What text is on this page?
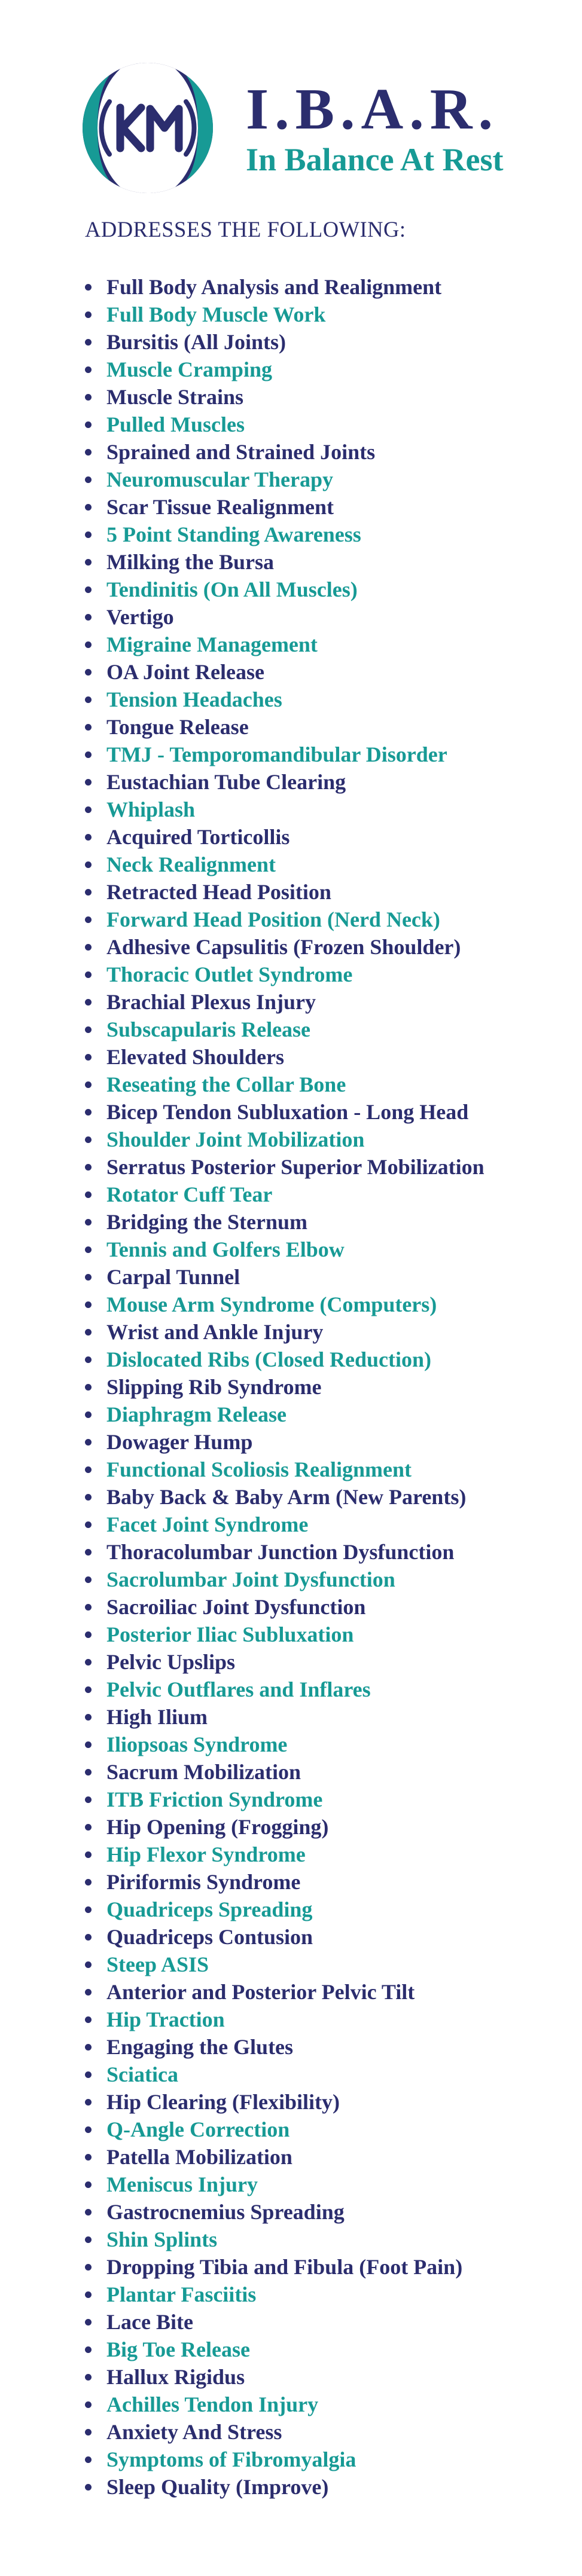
I.B.A.R.
In Balance At Rest
ADDRESSES THE FOLLOWING:
Full Body Analysis and Realignment
Full Body Muscle Work
Bursitis (All Joints)
Muscle Cramping
Muscle Strains
Pulled Muscles
Sprained and Strained Joints
Neuromuscular Therapy
Scar Tissue Realignment
5 Point Standing Awareness
Milking the Bursa
Tendinitis (On All Muscles)
Vertigo
Migraine Management
OA Joint Release
Tension Headaches
Tongue Release
TMJ - Temporomandibular Disorder
Eustachian Tube Clearing
Whiplash
Acquired Torticollis
Neck Realignment
Retracted Head Position
Forward Head Position (Nerd Neck)
Adhesive Capsulitis (Frozen Shoulder)
Thoracic Outlet Syndrome
Brachial Plexus Injury
Subscapularis Release
Elevated Shoulders
Reseating the Collar Bone
Bicep Tendon Subluxation - Long Head
Shoulder Joint Mobilization
Serratus Posterior Superior Mobilization
Rotator Cuff Tear
Bridging the Sternum
Tennis and Golfers Elbow
Carpal Tunnel
Mouse Arm Syndrome (Computers)
Wrist and Ankle Injury
Dislocated Ribs (Closed Reduction)
Slipping Rib Syndrome
Diaphragm Release
Dowager Hump
Functional Scoliosis Realignment
Baby Back & Baby Arm (New Parents)
Facet Joint Syndrome
Thoracolumbar Junction Dysfunction
Sacrolumbar Joint Dysfunction
Sacroiliac Joint Dysfunction
Posterior Iliac Subluxation
Pelvic Upslips
Pelvic Outflares and Inflares
High Ilium
Iliopsoas Syndrome
Sacrum Mobilization
ITB Friction Syndrome
Hip Opening (Frogging)
Hip Flexor Syndrome
Piriformis Syndrome
Quadriceps Spreading
Quadriceps Contusion
Steep ASIS
Anterior and Posterior Pelvic Tilt
Hip Traction
Engaging the Glutes
Sciatica
Hip Clearing (Flexibility)
Q-Angle Correction
Patella Mobilization
Meniscus Injury
Gastrocnemius Spreading
Shin Splints
Dropping Tibia and Fibula (Foot Pain)
Plantar Fasciitis
Lace Bite
Big Toe Release
Hallux Rigidus
Achilles Tendon Injury
Anxiety And Stress
Symptoms of Fibromyalgia
Sleep Quality (Improve)
